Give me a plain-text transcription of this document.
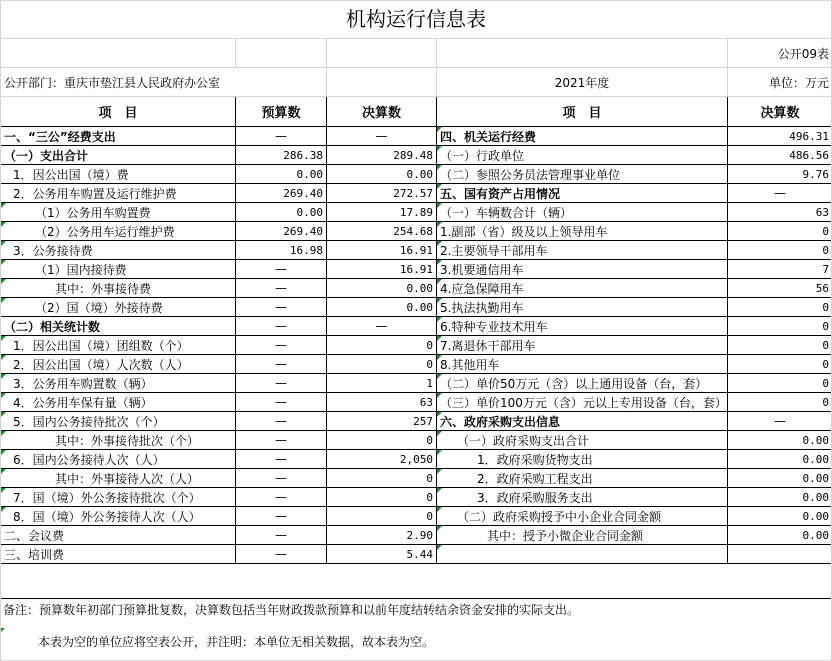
机构运行信息表
				公开09表
公开部门：重庆市垫江县人民政府办公室			2021年度	单位：万元
项　目	预算数	决算数	项　目	决算数
一、“三公”经费支出	—	—	四、机关运行经费	496.31
（一）支出合计	286.38	289.48	（一）行政单位	486.56
1．因公出国（境）费	0.00	0.00	（二）参照公务员法管理事业单位	9.76
2．公务用车购置及运行维护费	269.40	272.57	五、国有资产占用情况	—
（1）公务用车购置费	0.00	17.89	（一）车辆数合计（辆）	63
（2）公务用车运行维护费	269.40	254.68	1.副部（省）级及以上领导用车	0
3．公务接待费	16.98	16.91	2.主要领导干部用车	0
（1）国内接待费	—	16.91	3.机要通信用车	7
其中：外事接待费	—	0.00	4.应急保障用车	56
（2）国（境）外接待费	—	0.00	5.执法执勤用车	0
（二）相关统计数	—	—	6.特种专业技术用车	0
1．因公出国（境）团组数（个）	—	0	7.离退休干部用车	0
2．因公出国（境）人次数（人）	—	0	8.其他用车	0
3．公务用车购置数（辆）	—	1	（二）单价50万元（含）以上通用设备（台，套）	0
4．公务用车保有量（辆）	—	63	（三）单价100万元（含）元以上专用设备（台，套）	0
5．国内公务接待批次（个）	—	257	六、政府采购支出信息	—
其中：外事接待批次（个）	—	0	（一）政府采购支出合计	0.00
6．国内公务接待人次（人）	—	2,050	1．政府采购货物支出	0.00
其中：外事接待人次（人）	—	0	2．政府采购工程支出	0.00
7．国（境）外公务接待批次（个）	—	0	3．政府采购服务支出	0.00
8．国（境）外公务接待人次（人）	—	0	（二）政府采购授予中小企业合同金额	0.00
二、会议费	—	2.90	其中：授予小微企业合同金额	0.00
三、培训费	—	5.44		
备注：预算数年初部门预算批复数，决算数包括当年财政拨款预算和以前年度结转结余资金安排的实际支出。
本表为空的单位应将空表公开，并注明：本单位无相关数据，故本表为空。
